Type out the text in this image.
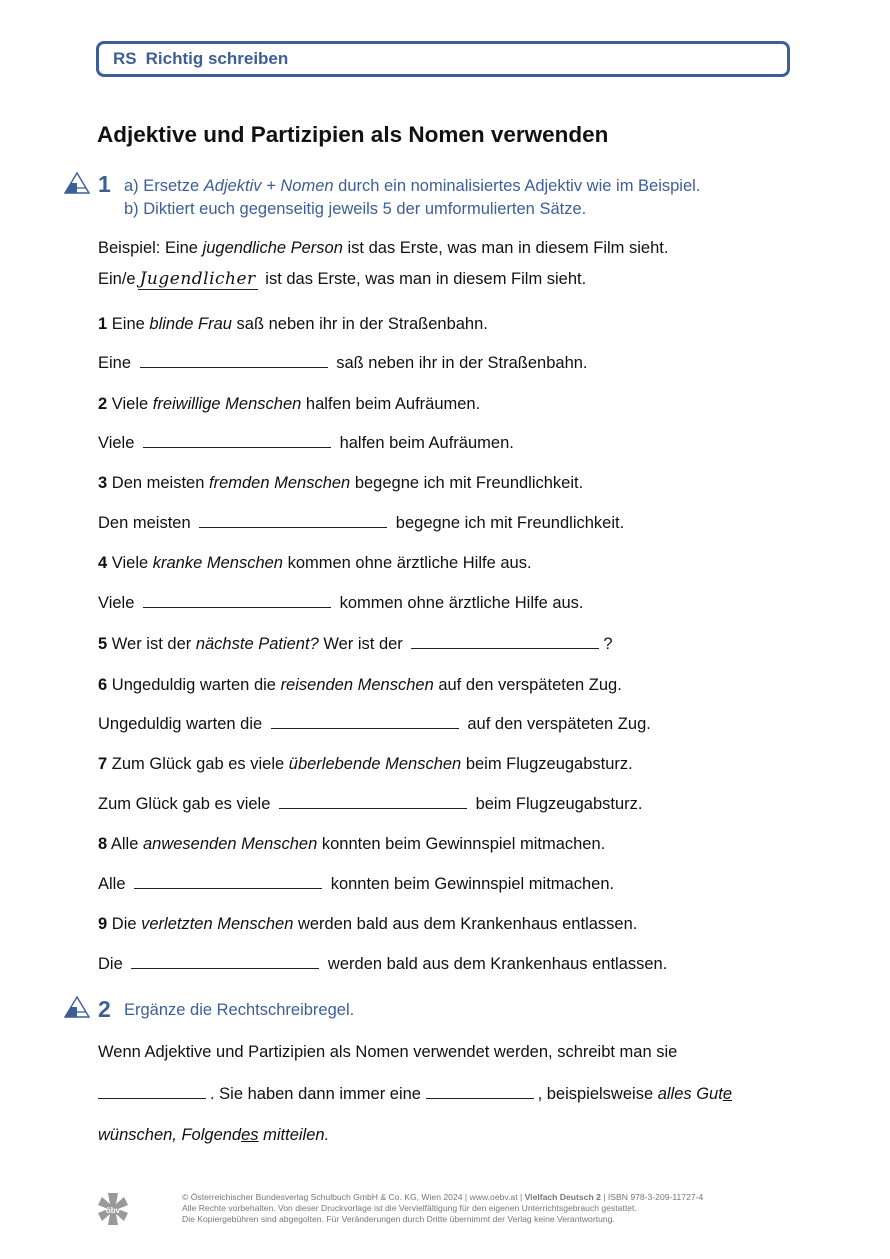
RS Richtig schreiben
Adjektive und Partizipien als Nomen verwenden
1 a) Ersetze Adjektiv + Nomen durch ein nominalisiertes Adjektiv wie im Beispiel.
b) Diktiert euch gegenseitig jeweils 5 der umformulierten Sätze.
Beispiel: Eine jugendliche Person ist das Erste, was man in diesem Film sieht.
Ein/e Jugendlicher ist das Erste, was man in diesem Film sieht.
1 Eine blinde Frau saß neben ihr in der Straßenbahn.
Eine	saß neben ihr in der Straßenbahn.
2 Viele freiwillige Menschen halfen beim Aufräumen.
Viele	halfen beim Aufräumen.
3 Den meisten fremden Menschen begegne ich mit Freundlichkeit.
Den meisten	begegne ich mit Freundlichkeit.
4 Viele kranke Menschen kommen ohne ärztliche Hilfe aus.
Viele	kommen ohne ärztliche Hilfe aus.
5 Wer ist der nächste Patient? Wer ist der	?
6 Ungeduldig warten die reisenden Menschen auf den verspäteten Zug.
Ungeduldig warten die	auf den verspäteten Zug.
7 Zum Glück gab es viele überlebende Menschen beim Flugzeugabsturz.
Zum Glück gab es viele	beim Flugzeugabsturz.
8 Alle anwesenden Menschen konnten beim Gewinnspiel mitmachen.
Alle	konnten beim Gewinnspiel mitmachen.
9 Die verletzten Menschen werden bald aus dem Krankenhaus entlassen.
Die	werden bald aus dem Krankenhaus entlassen.
2 Ergänze die Rechtschreibregel.
Wenn Adjektive und Partizipien als Nomen verwendet werden, schreibt man sie
. Sie haben dann immer eine	, beispielsweise alles Gute
wünschen, Folgendes mitteilen.
öbv
© Österreichischer Bundesverlag Schulbuch GmbH & Co. KG, Wien 2024 | www.oebv.at | Vielfach Deutsch 2 | ISBN 978-3-209-11727-4
Alle Rechte vorbehalten. Von dieser Druckvorlage ist die Vervielfältigung für den eigenen Unterrichtsgebrauch gestattet.
Die Kopiergebühren sind abgegolten. Für Veränderungen durch Dritte übernimmt der Verlag keine Verantwortung.
